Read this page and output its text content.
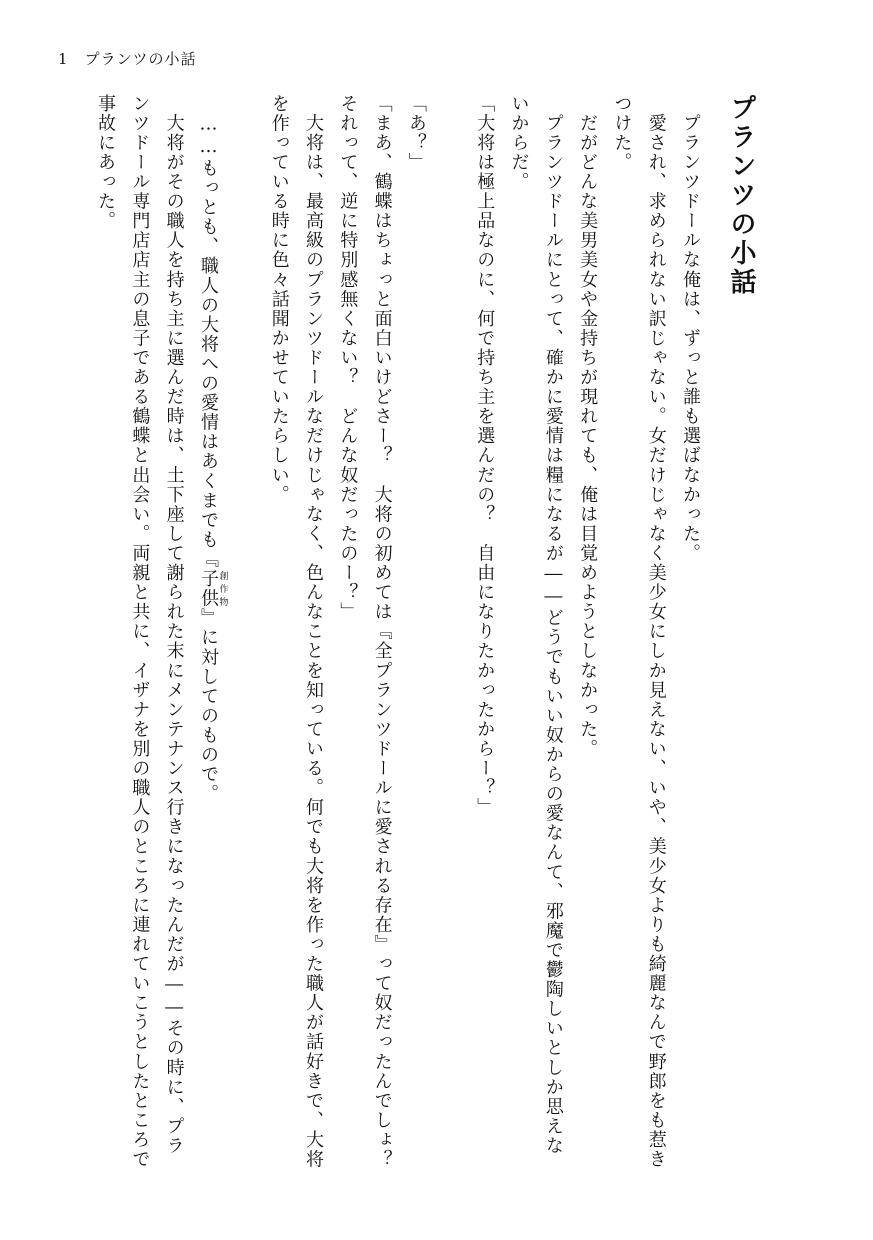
1 プランツの小話
プランツの小話

　プランツドールな俺は、ずっと誰も選ばなかった。

　愛され、求められない訳じゃない。女だけじゃなく美少女にしか見えない、いや、美少女よりも綺麗なんで野郎をも惹きつけた。

　だがどんな美男美女や金持ちが現れても、俺は目覚めようとしなかった。

　プランツドールにとって、確かに愛情は糧になるが――どうでもいい奴からの愛なんて、邪魔で鬱陶しいとしか思えないからだ。

「大将は極上品なのに、何で持ち主を選んだの？　自由になりたかったからー？」

「あ？」

「まあ、鶴蝶はちょっと面白いけどさー？　大将の初めては『全プランツドールに愛される存在』って奴だったんでしょ？　それって、逆に特別感無くない？　どんな奴だったのー？」

　大将は、最高級のプランツドールなだけじゃなく、色んなことを知っている。何でも大将を作った職人が話好きで、大将を作っている時に色々話聞かせていたらしい。

　……もっとも、職人の大将への愛情はあくまでも『子供創作物』に対してのもので。

　大将がその職人を持ち主に選んだ時は、土下座して謝られた末にメンテナンス行きになったんだが――その時に、プランツドール専門店店主の息子である鶴蝶と出会い。両親と共に、イザナを別の職人のところに連れていこうとしたところで事故にあった。
